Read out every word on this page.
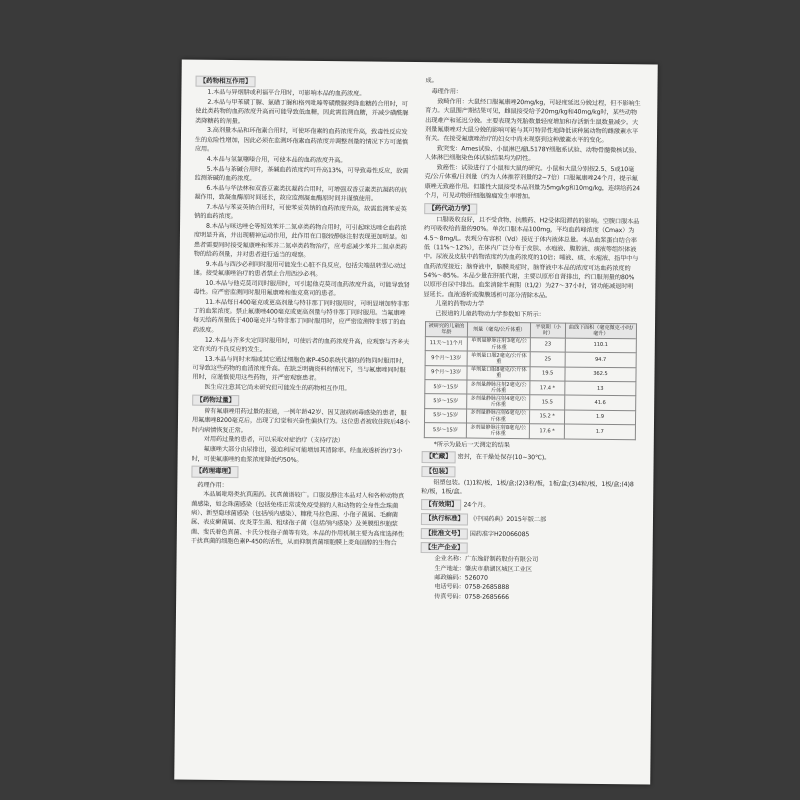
【药物相互作用】

1.本品与异烟肼或利福平合用时，可影响本品的血药浓度。

2.本品与甲苯磺丁脲、氯磺丁脲和格列吡嗪等磺酰脲类降血糖药合用时，可使此类药物的血药浓度升高而可能导致低血糖，因此需监测血糖，并减少磺酰脲类降糖药的剂量。

3.高剂量本品和环孢素合用时，可使环孢素的血药浓度升高，致毒性反应发生的危险性增加，因此必须在监测环孢素血药浓度并调整剂量的情况下方可谨慎应用。

4.本品与氢氯噻嗪合用，可使本品的血药浓度升高。

5.本品与茶碱合用时，茶碱血药浓度约可升高13%，可导致毒性反应，故需监测茶碱的血药浓度。

6.本品与华法林和双香豆素类抗凝药合用时，可增强双香豆素类抗凝药的抗凝作用，致凝血酶原时间延长，故应监测凝血酶原时间并谨慎使用。

7.本品与苯妥英钠合用时，可使苯妥英钠的血药浓度升高，故需监测苯妥英钠的血药浓度。

8.本品与咪达唑仑等短效苯并二氮卓类药物合用时，可引起咪达唑仑血药浓度明显升高，并出现精神运动作用，此作用在口服较静脉注射表现更加明显。如患者需要同时接受氟康唑和苯并二氮卓类药物治疗，应考虑减少苯并二氮卓类药物的给药剂量，并对患者进行适当的观察。

9.本品与西沙必利同时服用可能发生心脏不良反应，包括尖端扭转型心动过速。接受氟康唑治疗的患者禁止合用西沙必利。

10.本品与他克莫司同时服用时，可引起他克莫司血药浓度升高，可能导致肾毒性。应严密监测同时服用氟康唑和他克莫司的患者。

11.本品每日400毫克或更高剂量与特非那丁同时服用时，可明显增加特非那丁的血浆浓度。禁止氟康唑400毫克或更高剂量与特非那丁同时服用。当氟康唑每天给药剂量低于400毫克并与特非那丁同时服用时，应严密监测特非那丁的血药浓度。

12.本品与齐多夫定同时服用时，可使后者的血药浓度升高，应观察与齐多夫定有关的不良反应的发生。

13.本品与同时末端或其它通过细胞色素P-450系统代谢的药物同时服用时，可导致这些药物的血清浓度升高。在缺乏明确资料的情况下，当与氟康唑同时服用时，应谨慎使用这些药物，并严密观察患者。

医生应注意其它尚未研究但可能发生的药物相互作用。

【药物过量】

曾有氟康唑用药过量的报道，一例年龄42岁、因艾滋病病毒感染的患者，服用氟康唑8200毫克后，出现了幻觉和兴奋性偏执行为。这位患者被收住院后48小时内病情恢复正常。

对用药过量的患者，可以采取对症治疗（支持疗法）

氟康唑大部分由尿排出，强迫利尿可能增加其清除率。经血液透析治疗3小时，可使氟康唑的血浆浓度降低约50%。

【药理毒理】

药理作用：

本品属吡咯类抗真菌药。抗真菌谱较广。口服及静注本品对人和各种动物真菌感染，如念珠菌感染（包括免疫正常或免疫受损的人和动物的全身性念珠菌病）、新型隐球菌感染（包括颅内感染）、糠秕马拉色菌、小孢子菌属、毛癣菌属、表皮癣菌属、皮炎芽生菌、粗球孢子菌（包括颅内感染）及荚膜组织胞浆菌、斐氏着色真菌、卡氏分枝孢子菌等有效。本品的作用机制主要为高度选择性干扰真菌的细胞色素P-450的活性，从而抑制真菌细胞膜上麦角固醇的生物合

成。

毒理作用：

致畸作用：大鼠经口服氟康唑20mg/kg，可轻度延迟分娩过程，但不影响生育力。大鼠围产期结果可见，雌鼠接受给予20mg/kg和40mg/kg时，某些动物出现难产和延迟分娩。主要表现为死胎数量轻度增加和存活新生鼠数量减少。大剂量氟康唑对大鼠分娩的影响可能与其可特异性地降低该种属动物的雌激素水平有关。在接受氟康唑治疗的妇女中尚未观察到这种激素水平的变化。

致突变：Ames试验、小鼠淋巴瘤L5178Y细胞系试验、动物骨髓微核试验、人体淋巴细胞染色体试验结果均为阴性。

致癌性：试验进行了小鼠和大鼠的研究。小鼠和大鼠分别按2.5、5或10毫克/公斤体重/日剂量（约为人体推荐剂量的2~7倍）口服氟康唑24个月，提示氟康唑无致癌作用。但雄性大鼠接受本品剂量为5mg/kg和10mg/kg，连续给药24个月，可见动物肝细胞腺瘤发生率增加。

【药代动力学】

口服吸收良好，且不受食物、抗酸药、H2受体阻滞药的影响。空腹口服本品约可吸收给药量的90%。单次口服本品100mg，平均血药峰浓度（Cmax）为4.5～8mg/L。表观分布容积（Vd）接近于体内液体总量。本品血浆蛋白结合率低（11%～12%），在体内广泛分布于皮肤、水疱液、腹腔液、痰液等组织体液中。尿液及皮肤中药物浓度约为血药浓度的10倍；唾液、痰、水疱液、指甲中与血药浓度接近；脑脊液中，脑膜炎症时，脑脊液中本品的浓度可达血药浓度的54%～85%。本品少量在肝脏代谢，主要以原形自肾排出，约口服剂量的80%以原形自尿中排出。血浆消除半衰期（t1/2）为27～37小时，肾功能减退时明显延长。血液透析或腹膜透析可部分清除本品。

儿童的药物动力学

已报道的儿童药物动力学参数如下所示：

被研究的儿童的年龄	剂量（毫克/公斤体重）	半衰期（小时）	曲线下面积（毫克微克·小时/毫升）
11天～11个月	单剂量静脉注射3毫克/公斤体重	23	110.1
9个月～13岁	单剂量口服2毫克/公斤体重	25	94.7
9个月～13岁	单剂量口服8毫克/公斤体重	19.5	362.5
5岁～15岁	多剂量静脉注射2毫克/公斤体重	17.4 *	13
5岁～15岁	多剂量静脉注射4毫克/公斤体重	15.5	41.6
5岁～15岁	多剂量静脉注射6毫克/公斤体重	15.2 *	1.9
5岁～15岁	多剂量静脉注射8毫克/公斤体重	17.6 *	1.7

*所示为最后一天测定的结果

【贮藏】 密封，在干燥处保存(10~30℃)。
【包装】

铝塑包装。(1)1粒/板，1板/盒;(2)3粒/板，1板/盒;(3)4粒/板，1板/盒;(4)8粒/板，1板/盒。

【有效期】 24个月。
【执行标准】 《中国药典》2015年版二部
【批准文号】 国药准字H20066085
【生产企业】
企业名称：广东逸舒制药股份有限公司
生产地址：肇庆市鼎湖区城区工业区
邮政编码：526070
电话号码：0758-2685888
传真号码：0758-2685666
